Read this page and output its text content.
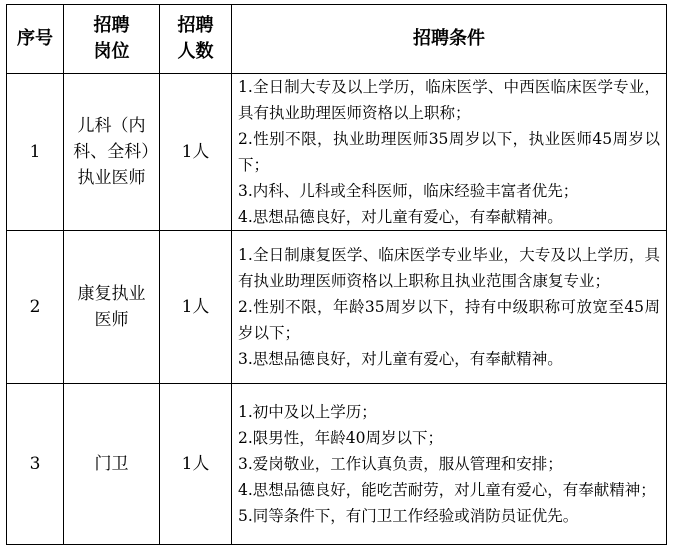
序号	招聘岗位	招聘人数	招聘条件
1	儿科（内科、全科）执业医师	1人	1.全日制大专及以上学历，临床医学、中西医临床医学专业，具有执业助理医师资格以上职称；
2.性别不限，执业助理医师35周岁以下，执业医师45周岁以下；
3.内科、儿科或全科医师，临床经验丰富者优先；
4.思想品德良好，对儿童有爱心，有奉献精神。

2	康复执业医师	1人	1.全日制康复医学、临床医学专业毕业，大专及以上学历，具有执业助理医师资格以上职称且执业范围含康复专业；
2.性别不限，年龄35周岁以下，持有中级职称可放宽至45周岁以下；
3.思想品德良好，对儿童有爱心，有奉献精神。

3	门卫	1人	1.初中及以上学历；
2.限男性，年龄40周岁以下；
3.爱岗敬业，工作认真负责，服从管理和安排；
4.思想品德良好，能吃苦耐劳，对儿童有爱心，有奉献精神；
5.同等条件下，有门卫工作经验或消防员证优先。
